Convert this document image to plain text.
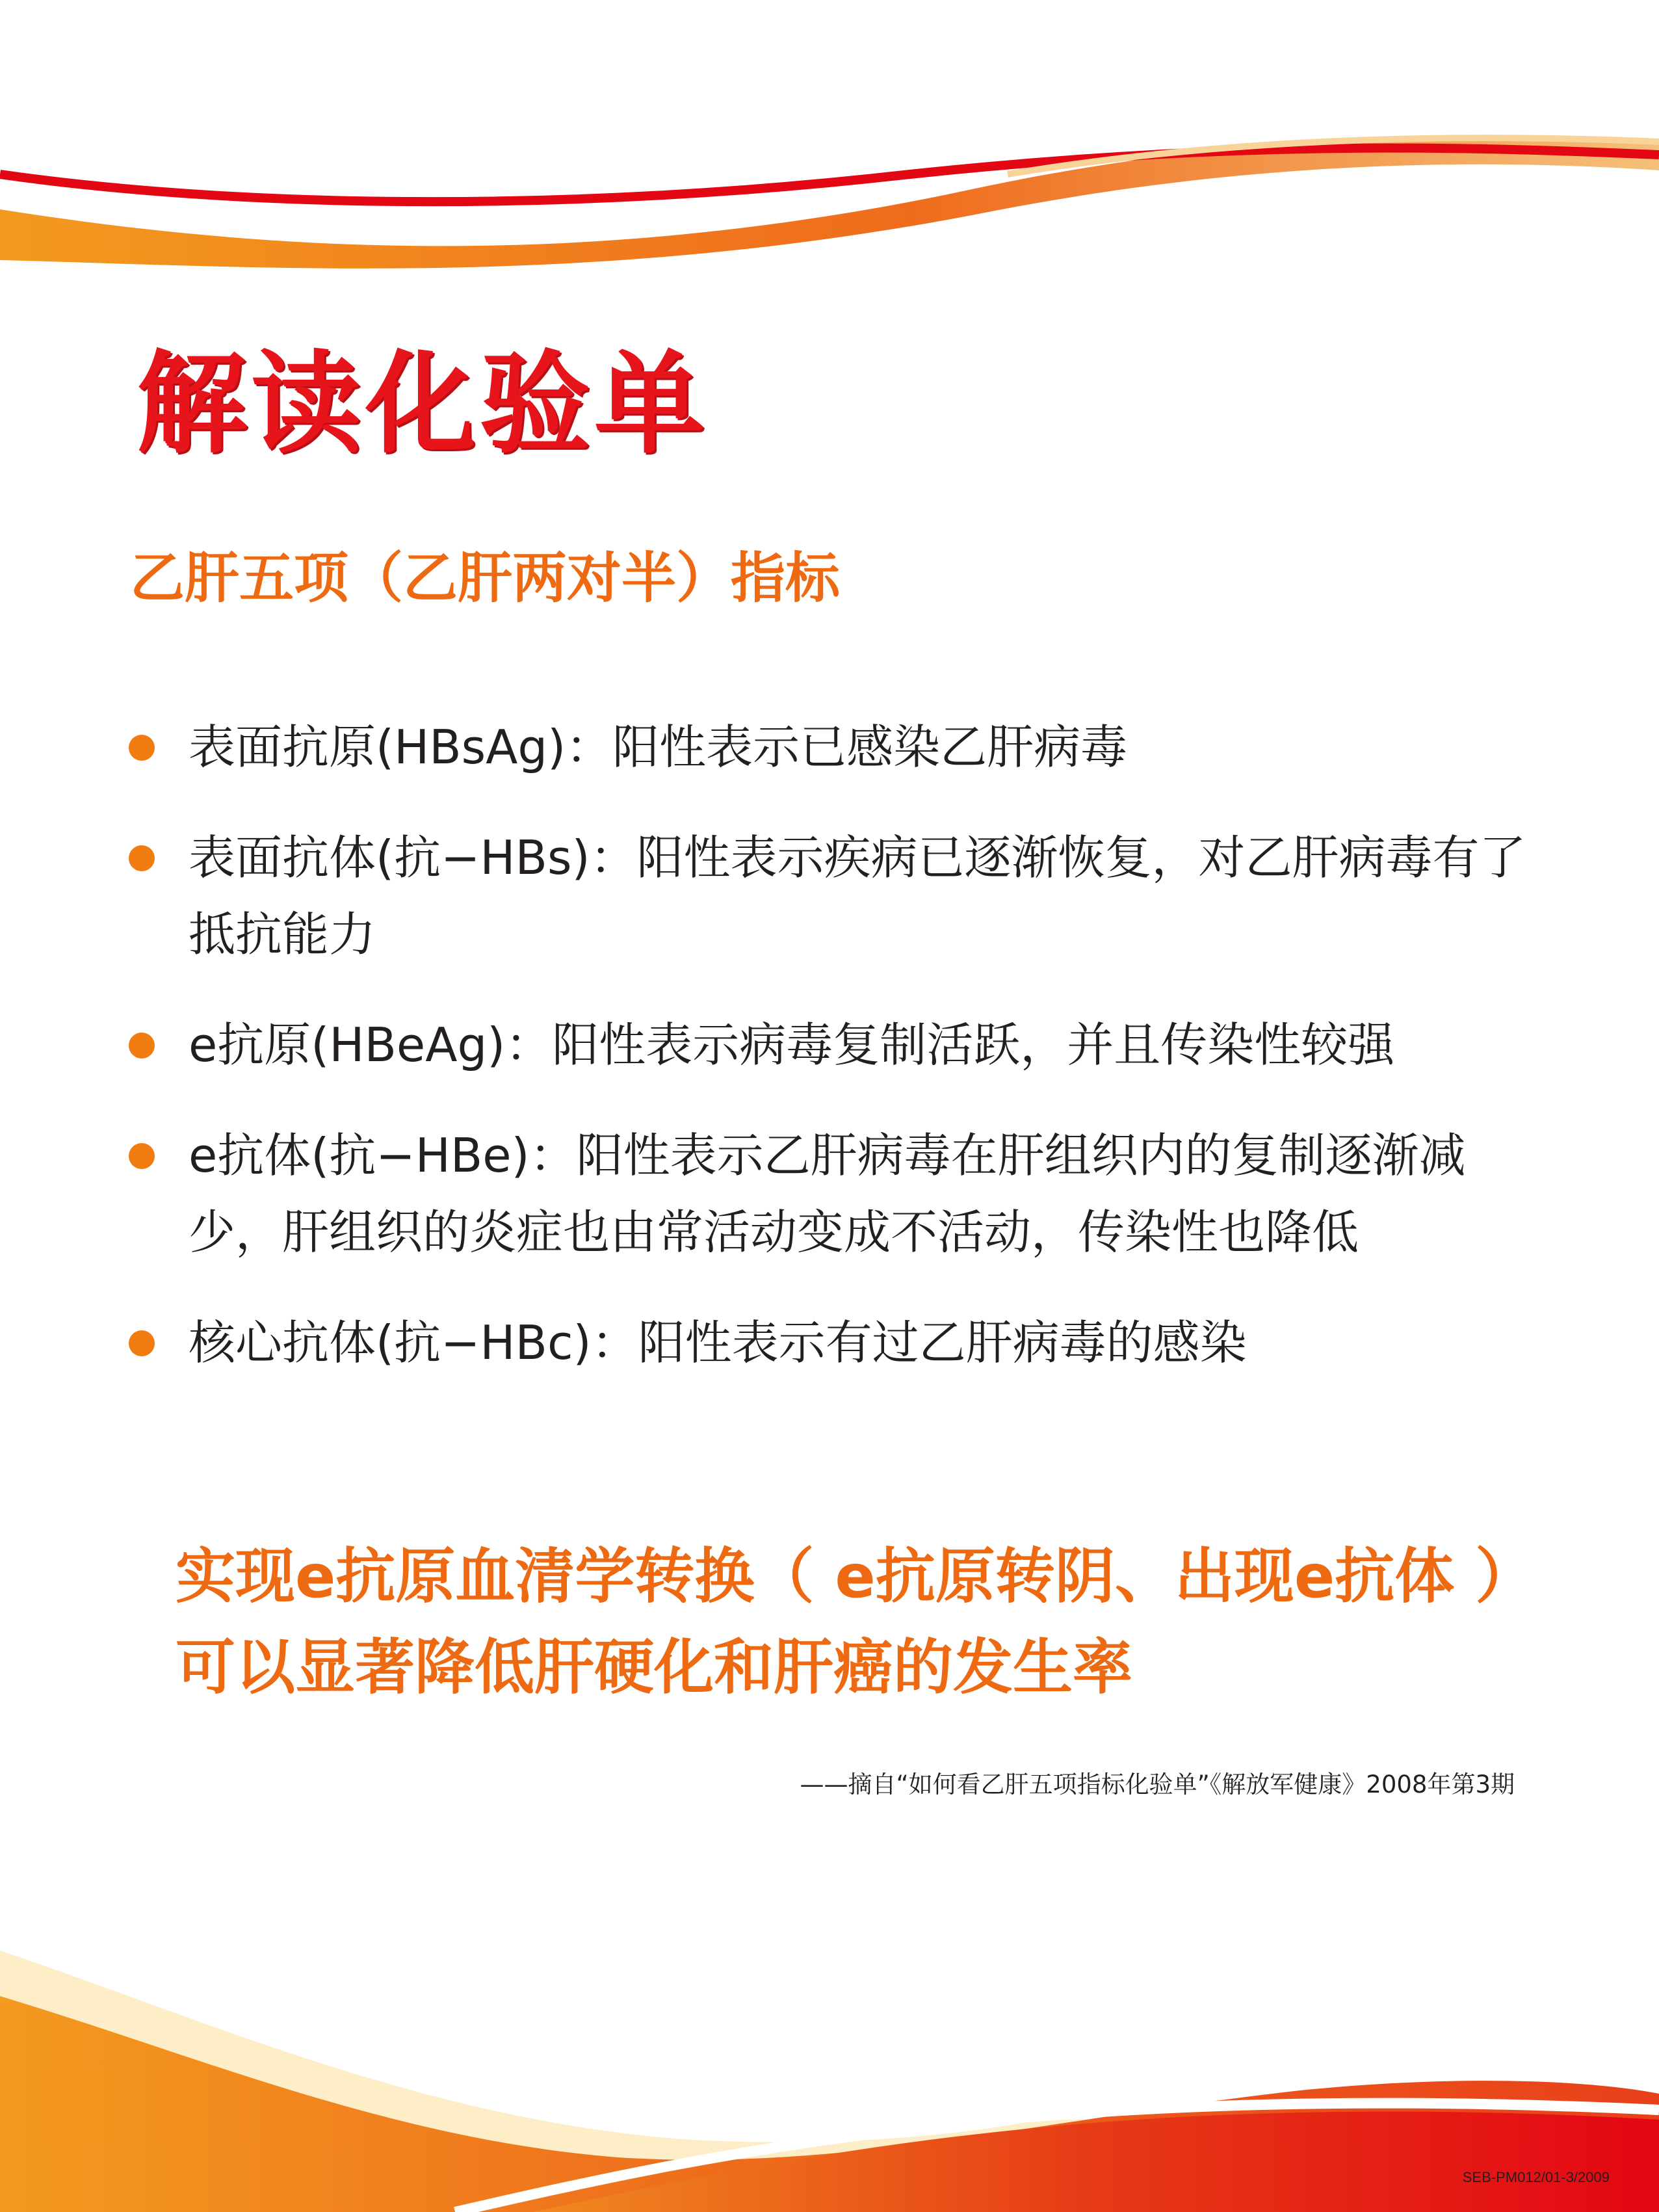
解读化验单
乙肝五项（乙肝两对半）指标
表面抗原(HBsAg)：阳性表示已感染乙肝病毒
表面抗体(抗−HBs)：阳性表示疾病已逐渐恢复，对乙肝病毒有了抵抗能力
e抗原(HBeAg)：阳性表示病毒复制活跃，并且传染性较强
e抗体(抗−HBe)：阳性表示乙肝病毒在肝组织内的复制逐渐减少，肝组织的炎症也由常活动变成不活动，传染性也降低
核心抗体(抗−HBc)：阳性表示有过乙肝病毒的感染

实现e抗原血清学转换（ e抗原转阴、出现e抗体 ）
可以显著降低肝硬化和肝癌的发生率

——摘自“如何看乙肝五项指标化验单”《解放军健康》2008年第3期
SEB-PM012/01-3/2009
